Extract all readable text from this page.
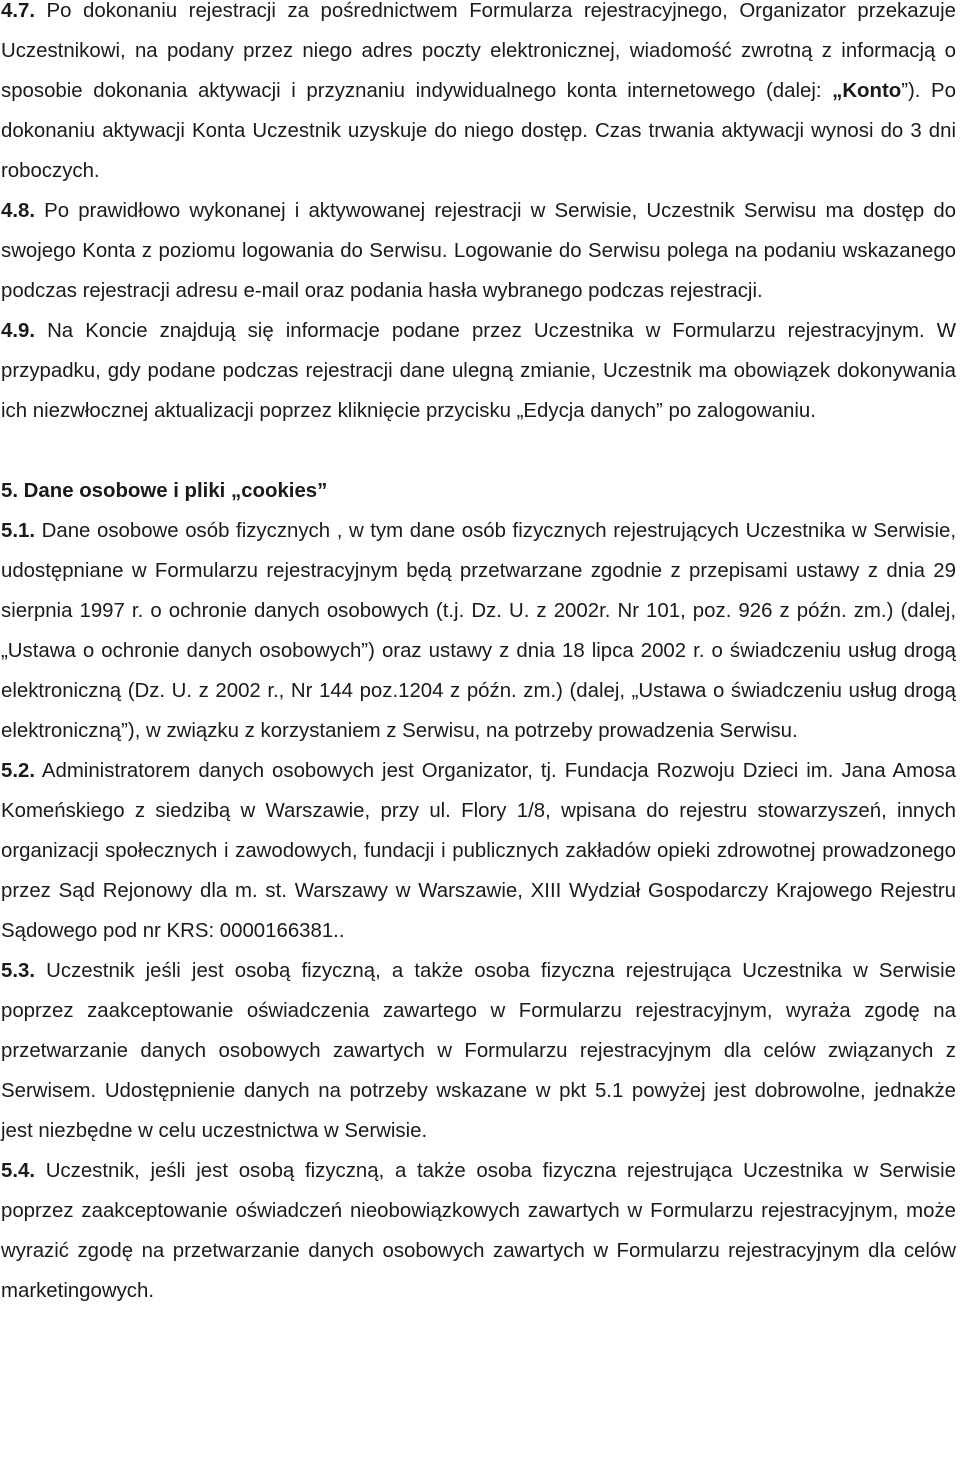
4.7. Po dokonaniu rejestracji za pośrednictwem Formularza rejestracyjnego, Organizator przekazuje Uczestnikowi, na podany przez niego adres poczty elektronicznej, wiadomość zwrotną z informacją o sposobie dokonania aktywacji i przyznaniu indywidualnego konta internetowego (dalej: „Konto”). Po dokonaniu aktywacji Konta Uczestnik uzyskuje do niego dostęp. Czas trwania aktywacji wynosi do 3 dni roboczych.

4.8. Po prawidłowo wykonanej i aktywowanej rejestracji w Serwisie, Uczestnik Serwisu ma dostęp do swojego Konta z poziomu logowania do Serwisu. Logowanie do Serwisu polega na podaniu wskazanego podczas rejestracji adresu e-mail oraz podania hasła wybranego podczas rejestracji.

4.9. Na Koncie znajdują się informacje podane przez Uczestnika w Formularzu rejestracyjnym. W przypadku, gdy podane podczas rejestracji dane ulegną zmianie, Uczestnik ma obowiązek dokonywania ich niezwłocznej aktualizacji poprzez kliknięcie przycisku „Edycja danych” po zalogowaniu.

5. Dane osobowe i pliki „cookies”

5.1. Dane osobowe osób fizycznych , w tym dane osób fizycznych rejestrujących Uczestnika w Serwisie, udostępniane w Formularzu rejestracyjnym będą przetwarzane zgodnie z przepisami ustawy z dnia 29 sierpnia 1997 r. o ochronie danych osobowych (t.j. Dz. U. z 2002r. Nr 101, poz. 926 z późn. zm.) (dalej, „Ustawa o ochronie danych osobowych”) oraz ustawy z dnia 18 lipca 2002 r. o świadczeniu usług drogą elektroniczną (Dz. U. z 2002 r., Nr 144 poz.1204 z późn. zm.) (dalej, „Ustawa o świadczeniu usług drogą elektroniczną”), w związku z korzystaniem z Serwisu, na potrzeby prowadzenia Serwisu.

5.2. Administratorem danych osobowych jest Organizator, tj. Fundacja Rozwoju Dzieci im. Jana Amosa Komeńskiego z siedzibą w Warszawie, przy ul. Flory 1/8, wpisana do rejestru stowarzyszeń, innych organizacji społecznych i zawodowych, fundacji i publicznych zakładów opieki zdrowotnej prowadzonego przez Sąd Rejonowy dla m. st. Warszawy w Warszawie, XIII Wydział Gospodarczy Krajowego Rejestru Sądowego pod nr KRS: 0000166381..

5.3. Uczestnik jeśli jest osobą fizyczną, a także osoba fizyczna rejestrująca Uczestnika w Serwisie poprzez zaakceptowanie oświadczenia zawartego w Formularzu rejestracyjnym, wyraża zgodę na przetwarzanie danych osobowych zawartych w Formularzu rejestracyjnym dla celów związanych z Serwisem. Udostępnienie danych na potrzeby wskazane w pkt 5.1 powyżej jest dobrowolne, jednakże jest niezbędne w celu uczestnictwa w Serwisie.

5.4. Uczestnik, jeśli jest osobą fizyczną, a także osoba fizyczna rejestrująca Uczestnika w Serwisie poprzez zaakceptowanie oświadczeń nieobowiązkowych zawartych w Formularzu rejestracyjnym, może wyrazić zgodę na przetwarzanie danych osobowych zawartych w Formularzu rejestracyjnym dla celów marketingowych.
